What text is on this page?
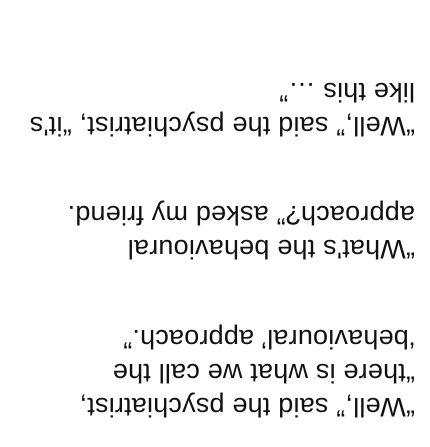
“Well,” said the psychiatrist,
“there is what we call the
‘behavioural’ approach.”
“What's the behavioural
approach?” asked my friend.
“Well,” said the psychiatrist, “it's
like this …”
